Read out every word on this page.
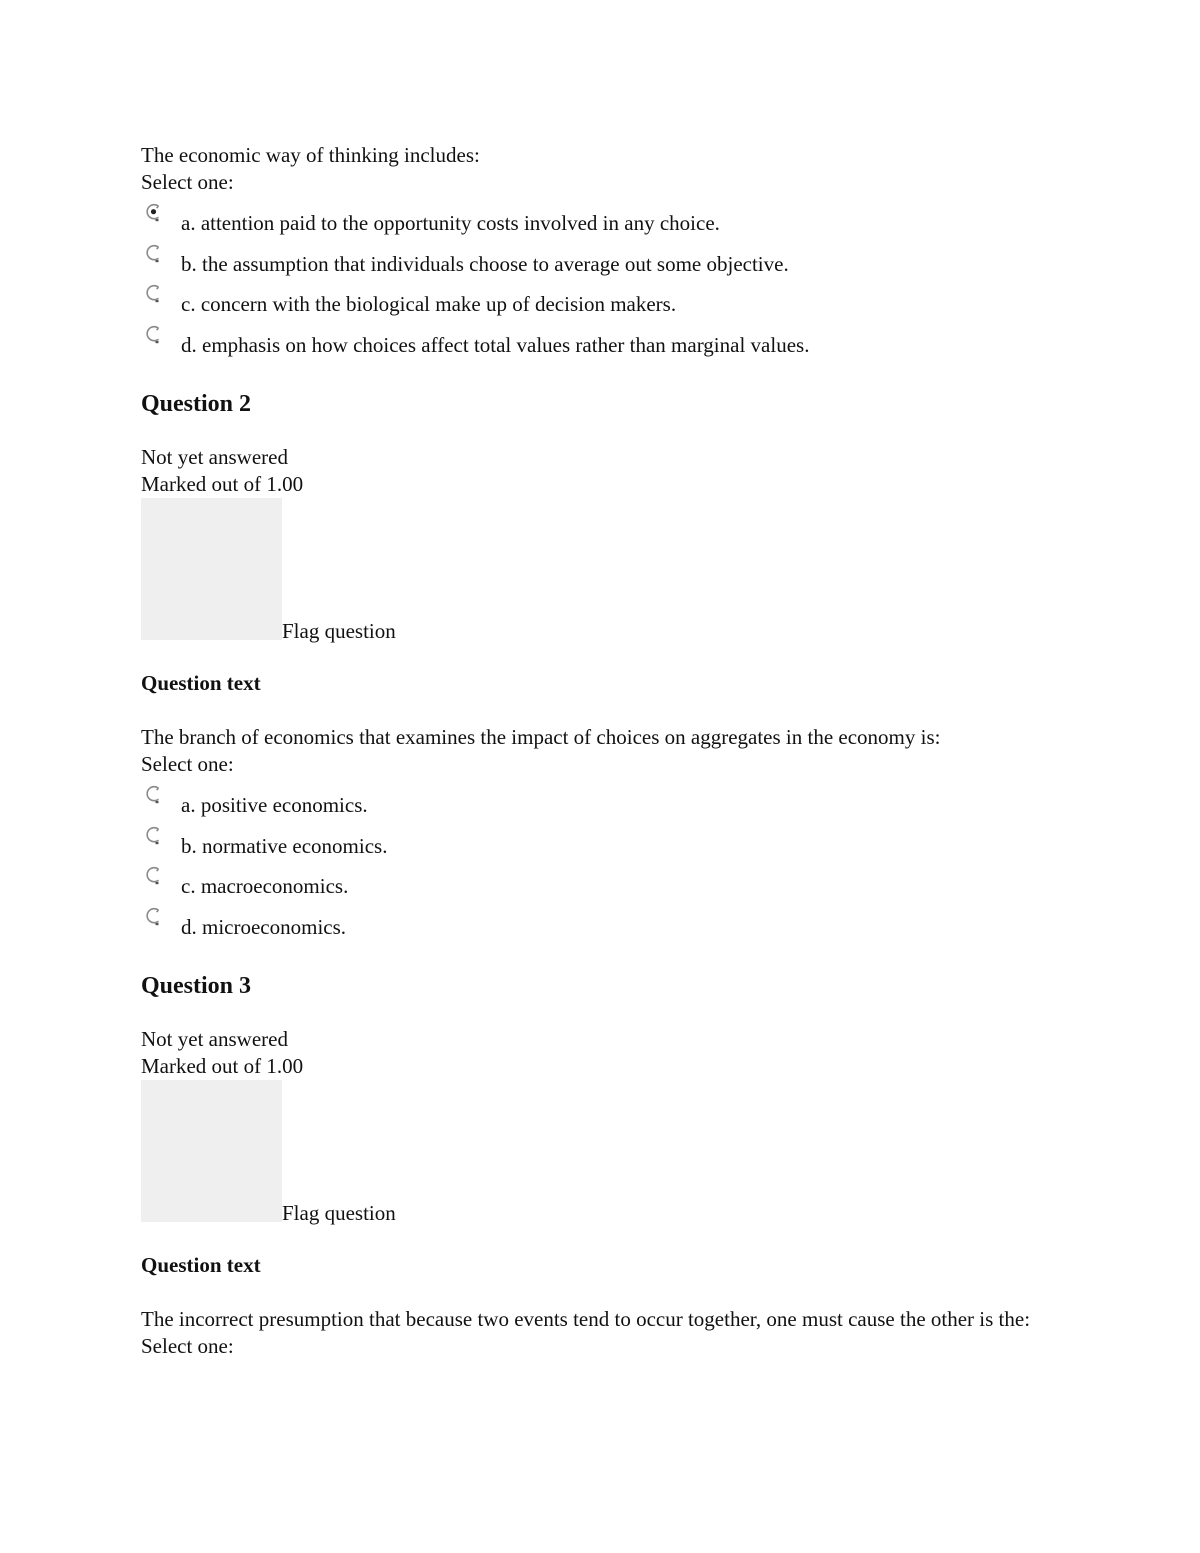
The economic way of thinking includes:
Select one:
a. attention paid to the opportunity costs involved in any choice.
b. the assumption that individuals choose to average out some objective.
c. concern with the biological make up of decision makers.
d. emphasis on how choices affect total values rather than marginal values.
Question 2
Not yet answered
Marked out of 1.00
Flag question
Question text
The branch of economics that examines the impact of choices on aggregates in the economy is:
Select one:
a. positive economics.
b. normative economics.
c. macroeconomics.
d. microeconomics.
Question 3
Not yet answered
Marked out of 1.00
Flag question
Question text
The incorrect presumption that because two events tend to occur together, one must cause the other is the:
Select one:
